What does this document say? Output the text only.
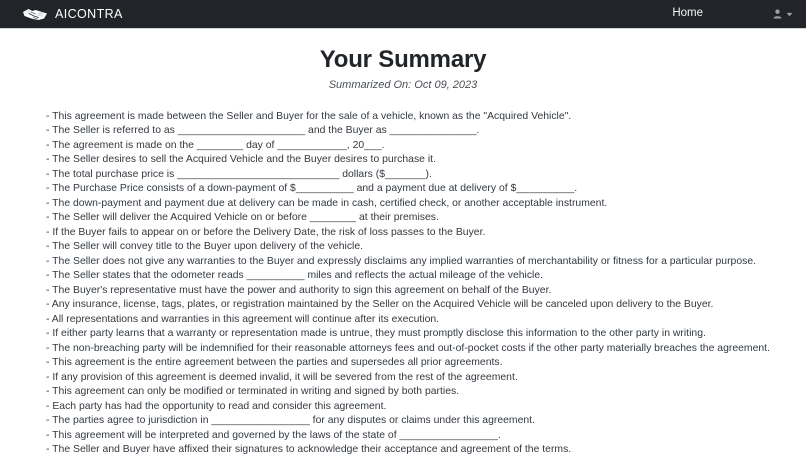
AICONTRA	Home
Your Summary
Summarized On: Oct 09, 2023
- This agreement is made between the Seller and Buyer for the sale of a vehicle, known as the "Acquired Vehicle".
- The Seller is referred to as ______________________ and the Buyer as _______________.
- The agreement is made on the ________ day of ____________, 20___.
- The Seller desires to sell the Acquired Vehicle and the Buyer desires to purchase it.
- The total purchase price is ____________________________ dollars ($_______).
- The Purchase Price consists of a down-payment of $__________ and a payment due at delivery of $__________.
- The down-payment and payment due at delivery can be made in cash, certified check, or another acceptable instrument.
- The Seller will deliver the Acquired Vehicle on or before ________ at their premises.
- If the Buyer fails to appear on or before the Delivery Date, the risk of loss passes to the Buyer.
- The Seller will convey title to the Buyer upon delivery of the vehicle.
- The Seller does not give any warranties to the Buyer and expressly disclaims any implied warranties of merchantability or fitness for a particular purpose.
- The Seller states that the odometer reads __________ miles and reflects the actual mileage of the vehicle.
- The Buyer's representative must have the power and authority to sign this agreement on behalf of the Buyer.
- Any insurance, license, tags, plates, or registration maintained by the Seller on the Acquired Vehicle will be canceled upon delivery to the Buyer.
- All representations and warranties in this agreement will continue after its execution.
- If either party learns that a warranty or representation made is untrue, they must promptly disclose this information to the other party in writing.
- The non-breaching party will be indemnified for their reasonable attorneys fees and out-of-pocket costs if the other party materially breaches the agreement.
- This agreement is the entire agreement between the parties and supersedes all prior agreements.
- If any provision of this agreement is deemed invalid, it will be severed from the rest of the agreement.
- This agreement can only be modified or terminated in writing and signed by both parties.
- Each party has had the opportunity to read and consider this agreement.
- The parties agree to jurisdiction in _________________ for any disputes or claims under this agreement.
- This agreement will be interpreted and governed by the laws of the state of _________________.
- The Seller and Buyer have affixed their signatures to acknowledge their acceptance and agreement of the terms.
